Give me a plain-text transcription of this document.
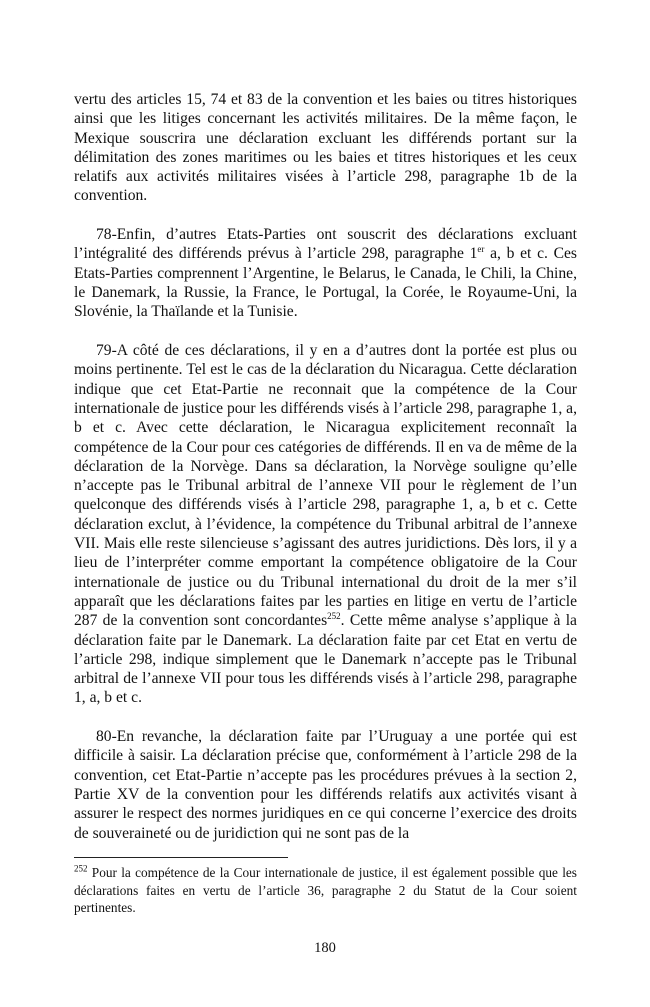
vertu des articles 15, 74 et 83 de la convention et les baies ou titres historiques ainsi que les litiges concernant les activités militaires. De la même façon, le Mexique souscrira une déclaration excluant les différends portant sur la délimitation des zones maritimes ou les baies et titres historiques et les ceux relatifs aux activités militaires visées à l’article 298, paragraphe 1b de la convention.

78-Enfin, d’autres Etats-Parties ont souscrit des déclarations excluant l’intégralité des différends prévus à l’article 298, paragraphe 1er a, b et c. Ces Etats-Parties comprennent l’Argentine, le Belarus, le Canada, le Chili, la Chine, le Danemark, la Russie, la France, le Portugal, la Corée, le Royaume-Uni, la Slovénie, la Thaïlande et la Tunisie.

79-A côté de ces déclarations, il y en a d’autres dont la portée est plus ou moins pertinente. Tel est le cas de la déclaration du Nicaragua. Cette déclaration indique que cet Etat-Partie ne reconnait que la compétence de la Cour internationale de justice pour les différends visés à l’article 298, paragraphe 1, a, b et c. Avec cette déclaration, le Nicaragua explicitement reconnaît la compétence de la Cour pour ces catégories de différends. Il en va de même de la déclaration de la Norvège. Dans sa déclaration, la Norvège souligne qu’elle n’accepte pas le Tribunal arbitral de l’annexe VII pour le règlement de l’un quelconque des différends visés à l’article 298, paragraphe 1, a, b et c. Cette déclaration exclut, à l’évidence, la compétence du Tribunal arbitral de l’annexe VII. Mais elle reste silencieuse s’agissant des autres juridictions. Dès lors, il y a lieu de l’interpréter comme emportant la compétence obligatoire de la Cour internationale de justice ou du Tribunal international du droit de la mer s’il apparaît que les déclarations faites par les parties en litige en vertu de l’article 287 de la convention sont concordantes$^{252}$. Cette même analyse s’applique à la déclaration faite par le Danemark. La déclaration faite par cet Etat en vertu de l’article 298, indique simplement que le Danemark n’accepte pas le Tribunal arbitral de l’annexe VII pour tous les différends visés à l’article 298, paragraphe 1, a, b et c.

80-En revanche, la déclaration faite par l’Uruguay a une portée qui est difficile à saisir. La déclaration précise que, conformément à l’article 298 de la convention, cet Etat-Partie n’accepte pas les procédures prévues à la section 2, Partie XV de la convention pour les différends relatifs aux activités visant à assurer le respect des normes juridiques en ce qui concerne l’exercice des droits de souveraineté ou de juridiction qui ne sont pas de la

$^{252}$ Pour la compétence de la Cour internationale de justice, il est également possible que les déclarations faites en vertu de l’article 36, paragraphe 2 du Statut de la Cour soient pertinentes.

180
